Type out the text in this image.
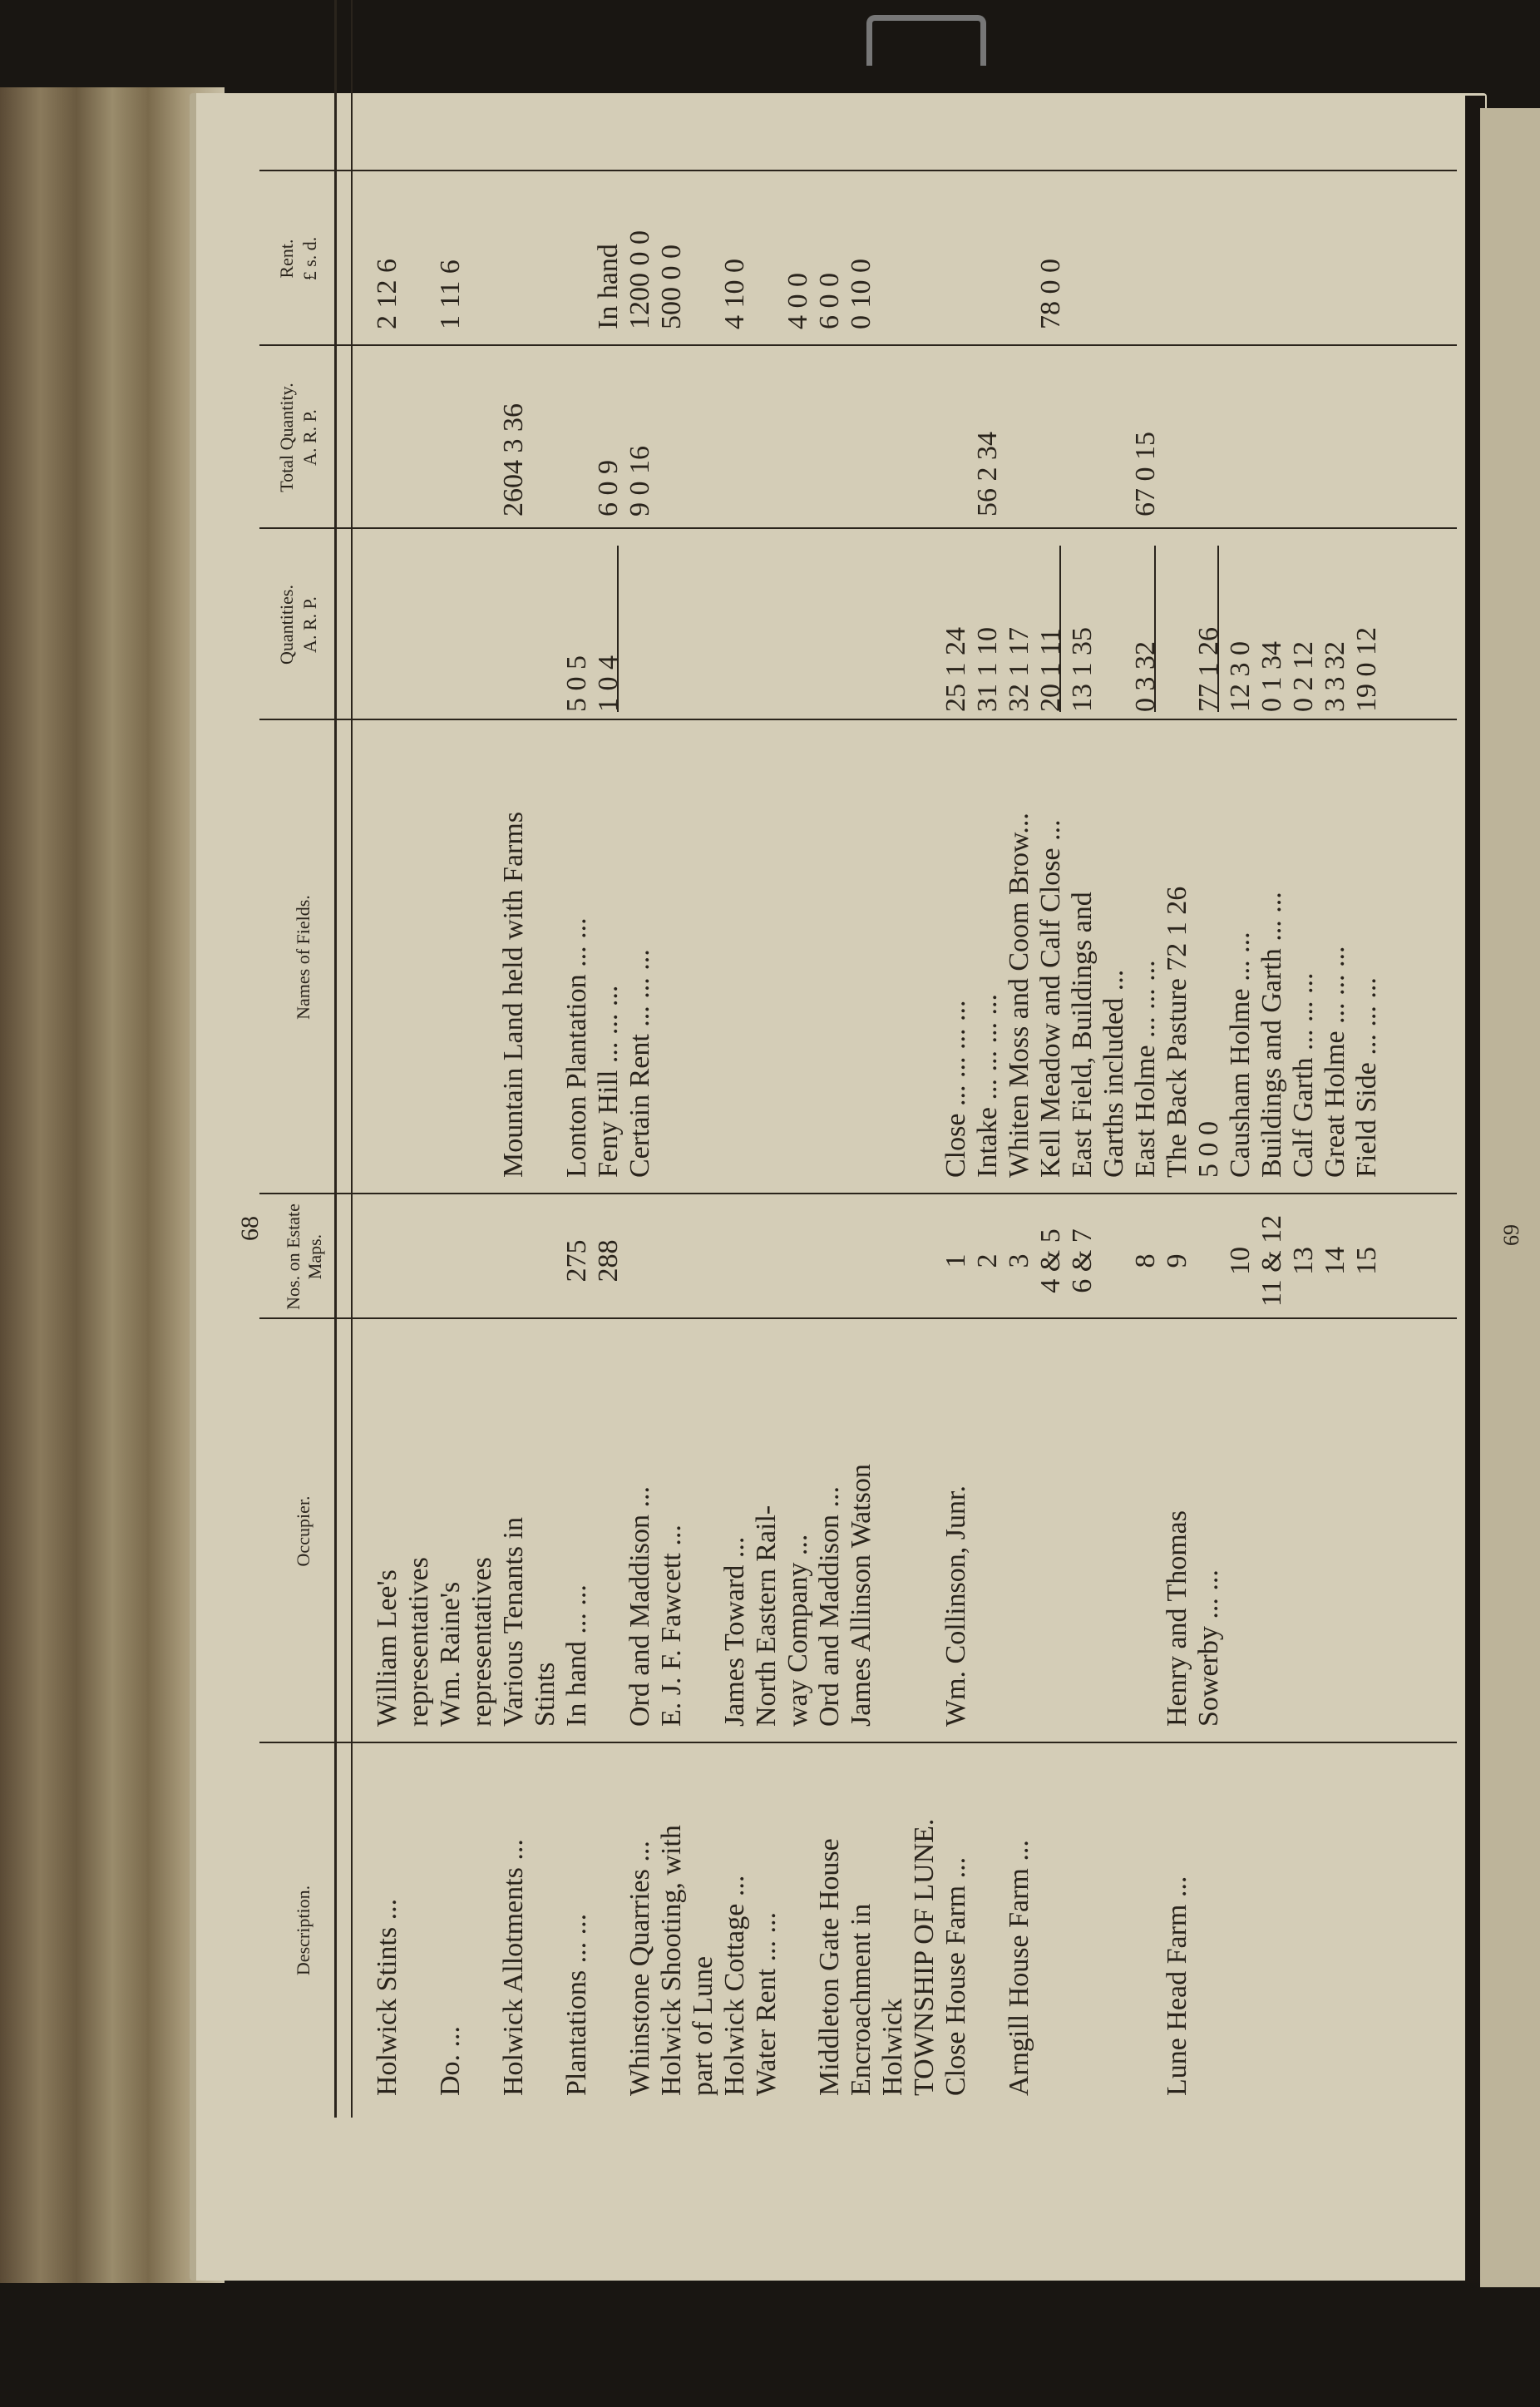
68	69
Description.
Occupier.
Nos. on Estate Maps.
Names of Fields.
Quantities. A. R. P.
Total Quantity. A. R. P.
Rent. £ s. d.
Holwick Stints ...
William Lee's
2 12 6
representatives
Do. ...
Wm. Raine's
1 11 6
representatives
Holwick Allotments ...
Various Tenants in
Mountain Land held with Farms
2604 3 36
Stints
Plantations ... ...
In hand ... ...
275
Lonton Plantation ... ...
5 0 5
288
Feny Hill ... ... ...
1 0 4
6 0 9
In hand
Whinstone Quarries ...
Ord and Maddison ...
Certain Rent ... ... ...
9 0 16
1200 0 0
Holwick Shooting, with
E. J. F. Fawcett ...
500 0 0
part of Lune Holwick Cottage ...
James Toward ...
4 10 0
Water Rent ... ...
North Eastern Rail- way Company ...
4 0 0
Middleton Gate House
Ord and Maddison ...
6 0 0
Encroachment in
James Allinson Watson
0 10 0
Holwick TOWNSHIP OF LUNE. Close House Farm ...
Wm. Collinson, Junr.
1
Close ... ... ... ...
25 1 24
2
Intake ... ... ... ...
31 1 10
56 2 34
Arngill House Farm ...
3
Whiten Moss and Coom Brow...
32 1 17
4 & 5
Kell Meadow and Calf Close ...
20 1 11
78 0 0
6 & 7
East Field, Buildings and
13 1 35
Garths included ...
8
East Holme ... ... ...
0 3 32
67 0 15
Lune Head Farm ...
Henry and Thomas
9
The Back Pasture 72 1 26
Sowerby ... ...
5 0 0
77 1 26
10
Causham Holme ... ...
12 3 0
11 & 12
Buildings and Garth ... ...
0 1 34
13
Calf Garth ... ... ...
0 2 12
14
Great Holme ... ... ...
3 3 32
15
Field Side ... ... ...
19 0 12
